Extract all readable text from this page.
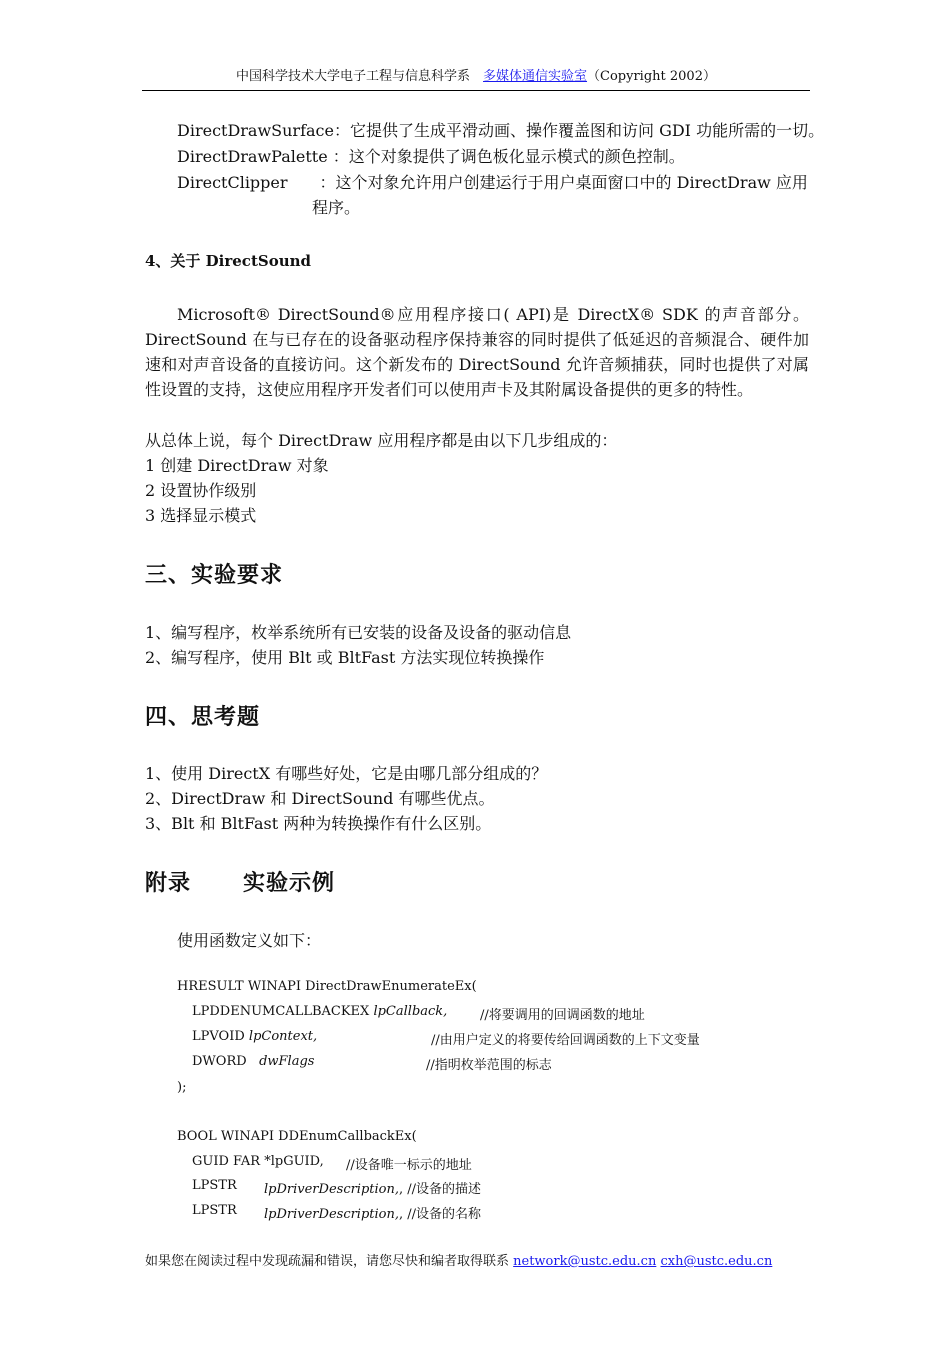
中国科学技术大学电子工程与信息科学系　多媒体通信实验室（Copyright 2002）
DirectDrawSurface：它提供了生成平滑动画、操作覆盖图和访问 GDI 功能所需的一切。
DirectDrawPalette ：这个对象提供了调色板化显示模式的颜色控制。
DirectClipper　　：这个对象允许用户创建运行于用户桌面窗口中的 DirectDraw 应用
程序。
4、关于 DirectSound
Microsoft® DirectSound®应用程序接口( API)是 DirectX® SDK 的声音部分。DirectSound 在与已存在的设备驱动程序保持兼容的同时提供了低延迟的音频混合、硬件加速和对声音设备的直接访问。这个新发布的 DirectSound 允许音频捕获，同时也提供了对属性设置的支持，这使应用程序开发者们可以使用声卡及其附属设备提供的更多的特性。
从总体上说，每个 DirectDraw 应用程序都是由以下几步组成的：
1 创建 DirectDraw 对象
2 设置协作级别
3 选择显示模式
三、实验要求
1、编写程序，枚举系统所有已安装的设备及设备的驱动信息
2、编写程序，使用 Blt 或 BltFast 方法实现位转换操作
四、思考题
1、使用 DirectX 有哪些好处，它是由哪几部分组成的？
2、DirectDraw 和 DirectSound 有哪些优点。
3、Blt 和 BltFast 两种为转换操作有什么区别。
附录 实验示例
使用函数定义如下：
HRESULT WINAPI DirectDrawEnumerateEx(
LPDDENUMCALLBACKEX lpCallback,	//将要调用的回调函数的地址
LPVOID lpContext,	//由用户定义的将要传给回调函数的上下文变量
DWORD dwFlags	//指明枚举范围的标志
);
BOOL WINAPI DDEnumCallbackEx(
GUID FAR *lpGUID, //设备唯一标示的地址
LPSTR lpDriverDescription,, //设备的描述
LPSTR lpDriverDescription,, //设备的名称
如果您在阅读过程中发现疏漏和错误，请您尽快和编者取得联系 network@ustc.edu.cn cxh@ustc.edu.cn
